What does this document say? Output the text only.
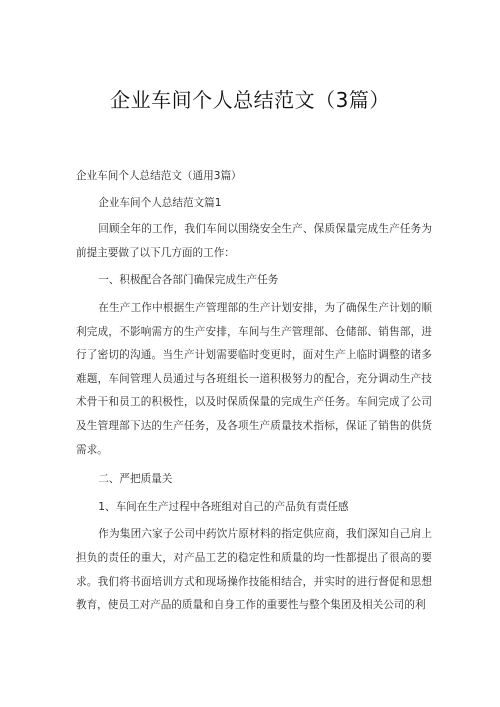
企业车间个人总结范文（3篇）

企业车间个人总结范文（通用3篇）

企业车间个人总结范文篇1

回顾全年的工作，我们车间以围绕安全生产、保质保量完成生产任务为前提主要做了以下几方面的工作：

一、积极配合各部门确保完成生产任务

在生产工作中根据生产管理部的生产计划安排，为了确保生产计划的顺利完成，不影响需方的生产安排，车间与生产管理部、仓储部、销售部，进行了密切的沟通。当生产计划需要临时变更时，面对生产上临时调整的诸多难题，车间管理人员通过与各班组长一道积极努力的配合，充分调动生产技术骨干和员工的积极性，以及时保质保量的完成生产任务。车间完成了公司及生管理部下达的生产任务，及各项生产质量技术指标，保证了销售的供货需求。

二、严把质量关

1、车间在生产过程中各班组对自己的产品负有责任感

作为集团六家子公司中药饮片原材料的指定供应商，我们深知自己肩上担负的责任的重大，对产品工艺的稳定性和质量的均一性都提出了很高的要求。我们将书面培训方式和现场操作技能相结合，并实时的进行督促和思想教育，使员工对产品的质量和自身工作的重要性与整个集团及相关公司的利
